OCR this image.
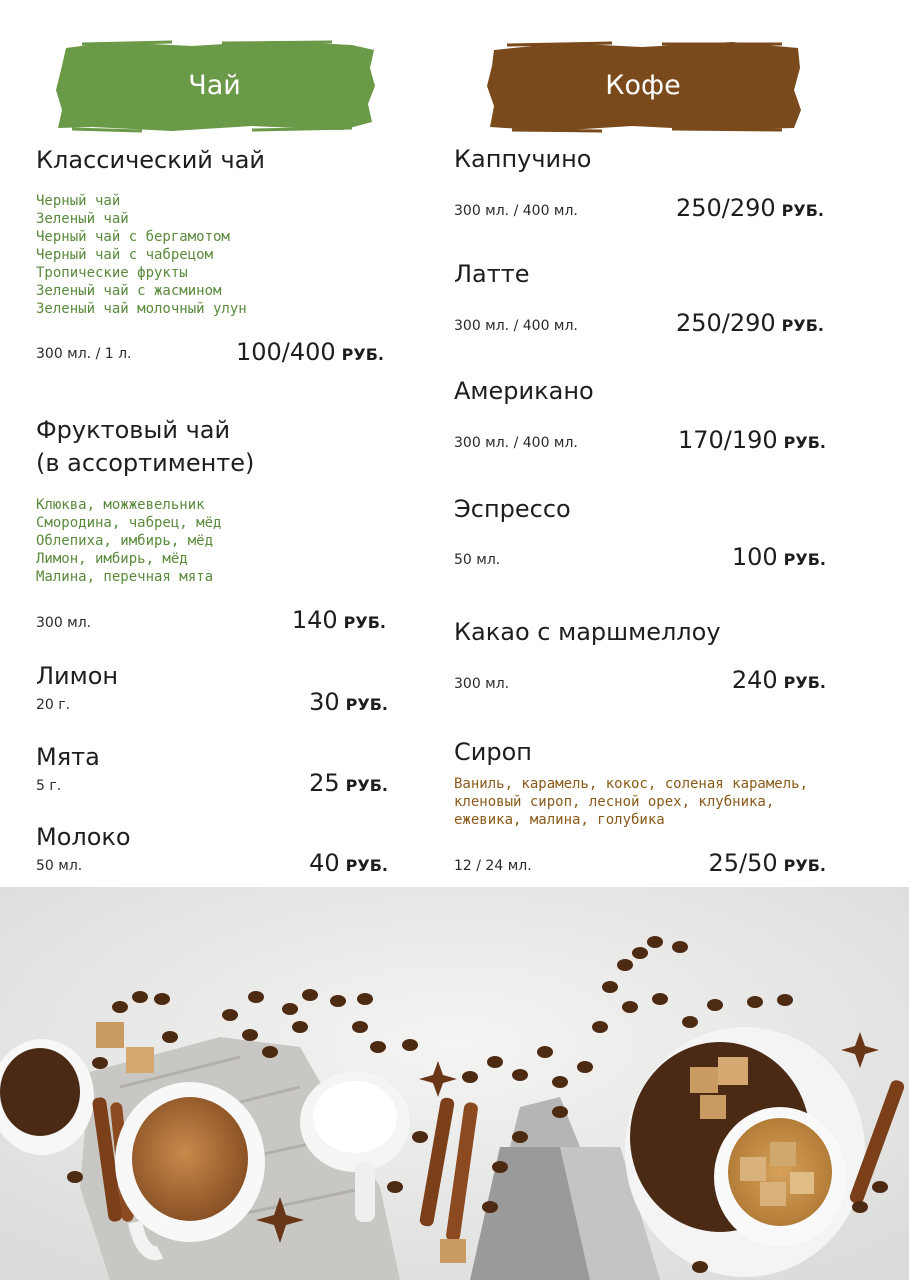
Чай	Кофе
Классический чай
Черный чай
Зеленый чай
Черный чай с бергамотом
Черный чай с чабрецом
Тропические фрукты
Зеленый чай с жасмином
Зеленый чай молочный улун
300 мл. / 1 л.	100/400 РУБ.
Фруктовый чай
(в ассортименте)
Клюква, можжевельник
Смородина, чабрец, мёд
Облепиха, имбирь, мёд
Лимон, имбирь, мёд
Малина, перечная мята
300 мл.	140 РУБ.
Лимон
20 г.	30 РУБ.
Мята
5 г.	25 РУБ.
Молоко
50 мл.	40 РУБ.
Каппучино
300 мл. / 400 мл.	250/290 РУБ.
Латте
300 мл. / 400 мл.	250/290 РУБ.
Американо
300 мл. / 400 мл.	170/190 РУБ.
Эспрессо
50 мл.	100 РУБ.
Какао с маршмеллоу
300 мл.	240 РУБ.
Сироп
Ваниль, карамель, кокос, соленая карамель,
кленовый сироп, лесной орех, клубника,
ежевика, малина, голубика
12 / 24 мл.	25/50 РУБ.
